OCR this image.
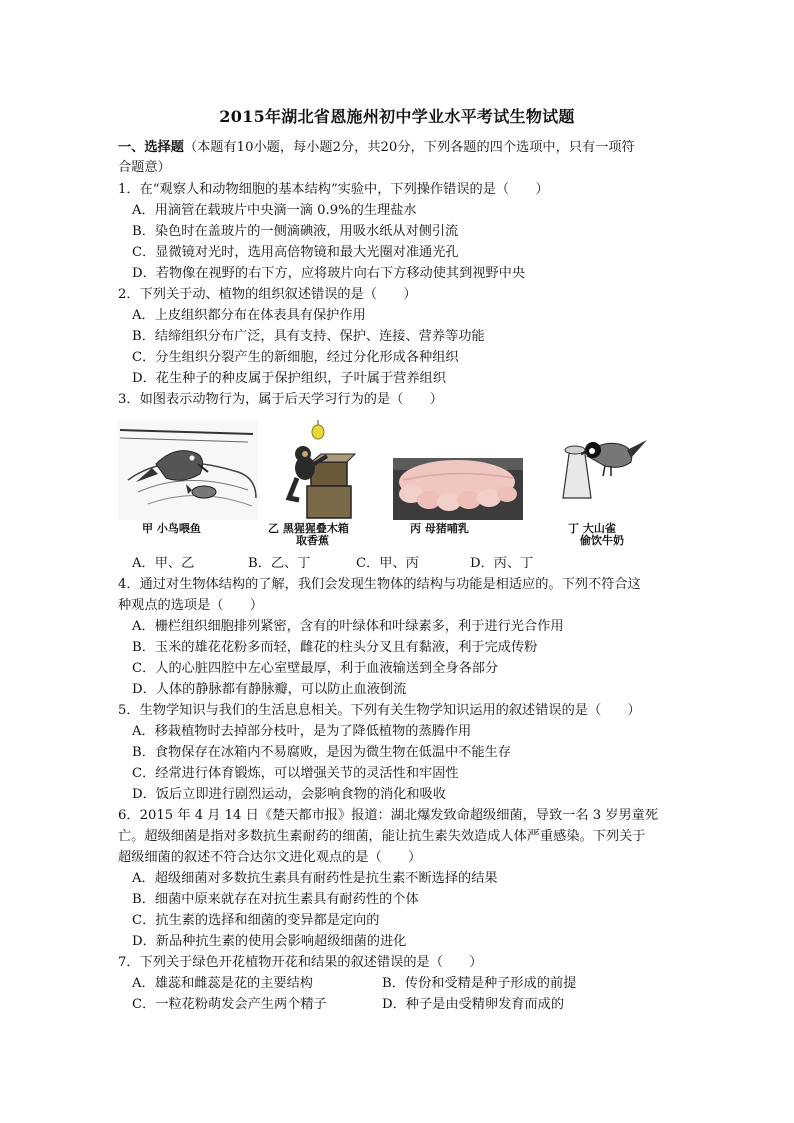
2015年湖北省恩施州初中学业水平考试生物试题
一、选择题（本题有10小题，每小题2分，共20分，下列各题的四个选项中，只有一项符
合题意）
1．在“观察人和动物细胞的基本结构”实验中，下列操作错误的是（　　）
A．用滴管在载玻片中央滴一滴 0.9%的生理盐水
B．染色时在盖玻片的一侧滴碘液，用吸水纸从对侧引流
C．显微镜对光时，选用高倍物镜和最大光圈对准通光孔
D．若物像在视野的右下方，应将玻片向右下方移动使其到视野中央
2．下列关于动、植物的组织叙述错误的是（　　）
A．上皮组织都分布在体表具有保护作用
B．结缔组织分布广泛，具有支持、保护、连接、营养等功能
C．分生组织分裂产生的新细胞，经过分化形成各种组织
D．花生种子的种皮属于保护组织，子叶属于营养组织
3．如图表示动物行为，属于后天学习行为的是（　　）
甲 小鸟喂鱼	乙 黑猩猩叠木箱
取香蕉
丙 母猪哺乳	丁 大山雀
偷饮牛奶
A．甲、乙	B．乙、丁	C．甲、丙	D．丙、丁
4．通过对生物体结构的了解，我们会发现生物体的结构与功能是相适应的。下列不符合这
种观点的选项是（　　）
A．栅栏组织细胞排列紧密，含有的叶绿体和叶绿素多，利于进行光合作用
B．玉米的雄花花粉多而轻，雌花的柱头分叉且有黏液，利于完成传粉
C．人的心脏四腔中左心室壁最厚，利于血液输送到全身各部分
D．人体的静脉都有静脉瓣，可以防止血液倒流
5．生物学知识与我们的生活息息相关。下列有关生物学知识运用的叙述错误的是（　　）
A．移栽植物时去掉部分枝叶，是为了降低植物的蒸腾作用
B．食物保存在冰箱内不易腐败，是因为微生物在低温中不能生存
C．经常进行体育锻炼，可以增强关节的灵活性和牢固性
D．饭后立即进行剧烈运动，会影响食物的消化和吸收
6．2015 年 4 月 14 日《楚天都市报》报道：湖北爆发致命超级细菌，导致一名 3 岁男童死
亡。超级细菌是指对多数抗生素耐药的细菌，能让抗生素失效造成人体严重感染。下列关于
超级细菌的叙述不符合达尔文进化观点的是（　　）
A．超级细菌对多数抗生素具有耐药性是抗生素不断选择的结果
B．细菌中原来就存在对抗生素具有耐药性的个体
C．抗生素的选择和细菌的变异都是定向的
D．新品种抗生素的使用会影响超级细菌的进化
7．下列关于绿色开花植物开花和结果的叙述错误的是（　　）
A．雄蕊和雌蕊是花的主要结构	B．传份和受精是种子形成的前提
C．一粒花粉萌发会产生两个精子	D．种子是由受精卵发育而成的
